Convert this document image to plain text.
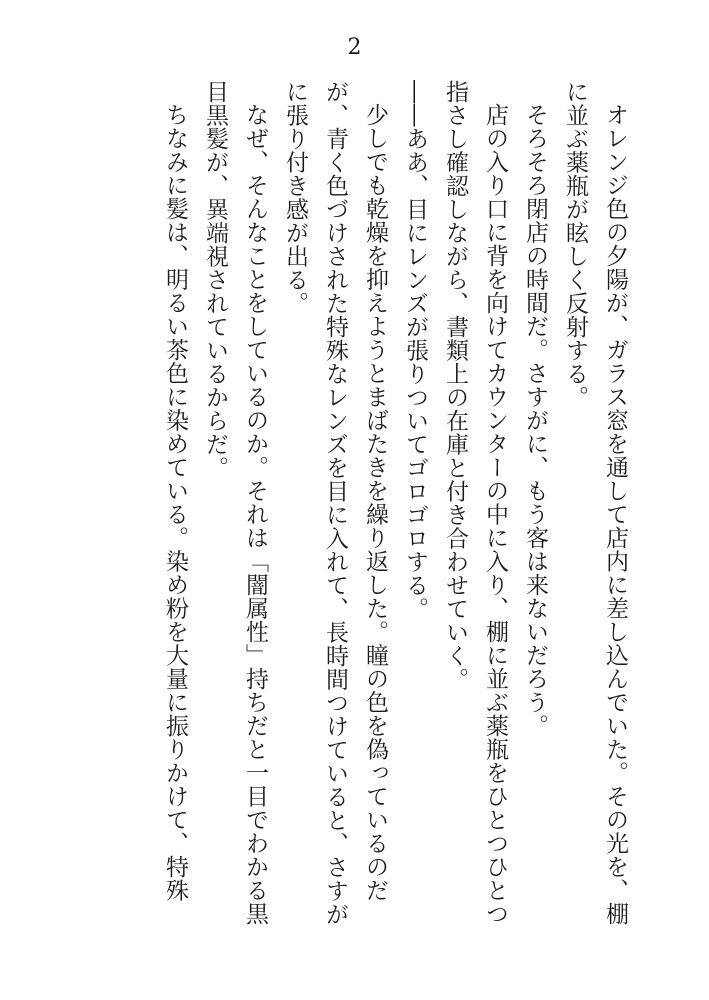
2

オレンジ色の夕陽が、ガラス窓を通して店内に差し込んでいた。その光を、棚に並ぶ薬瓶が眩しく反射する。

そろそろ閉店の時間だ。さすがに、もう客は来ないだろう。

店の入り口に背を向けてカウンターの中に入り、棚に並ぶ薬瓶をひとつひとつ指さし確認しながら、書類上の在庫と付き合わせていく。

――ああ、目にレンズが張りついてゴロゴロする。

少しでも乾燥を抑えようとまばたきを繰り返した。瞳の色を偽っているのだが、青く色づけされた特殊なレンズを目に入れて、長時間つけていると、さすがに張り付き感が出る。

なぜ、そんなことをしているのか。それは「闇属性」持ちだと一目でわかる黒目黒髪が、異端視されているからだ。

ちなみに髪は、明るい茶色に染めている。染め粉を大量に振りかけて、特殊
